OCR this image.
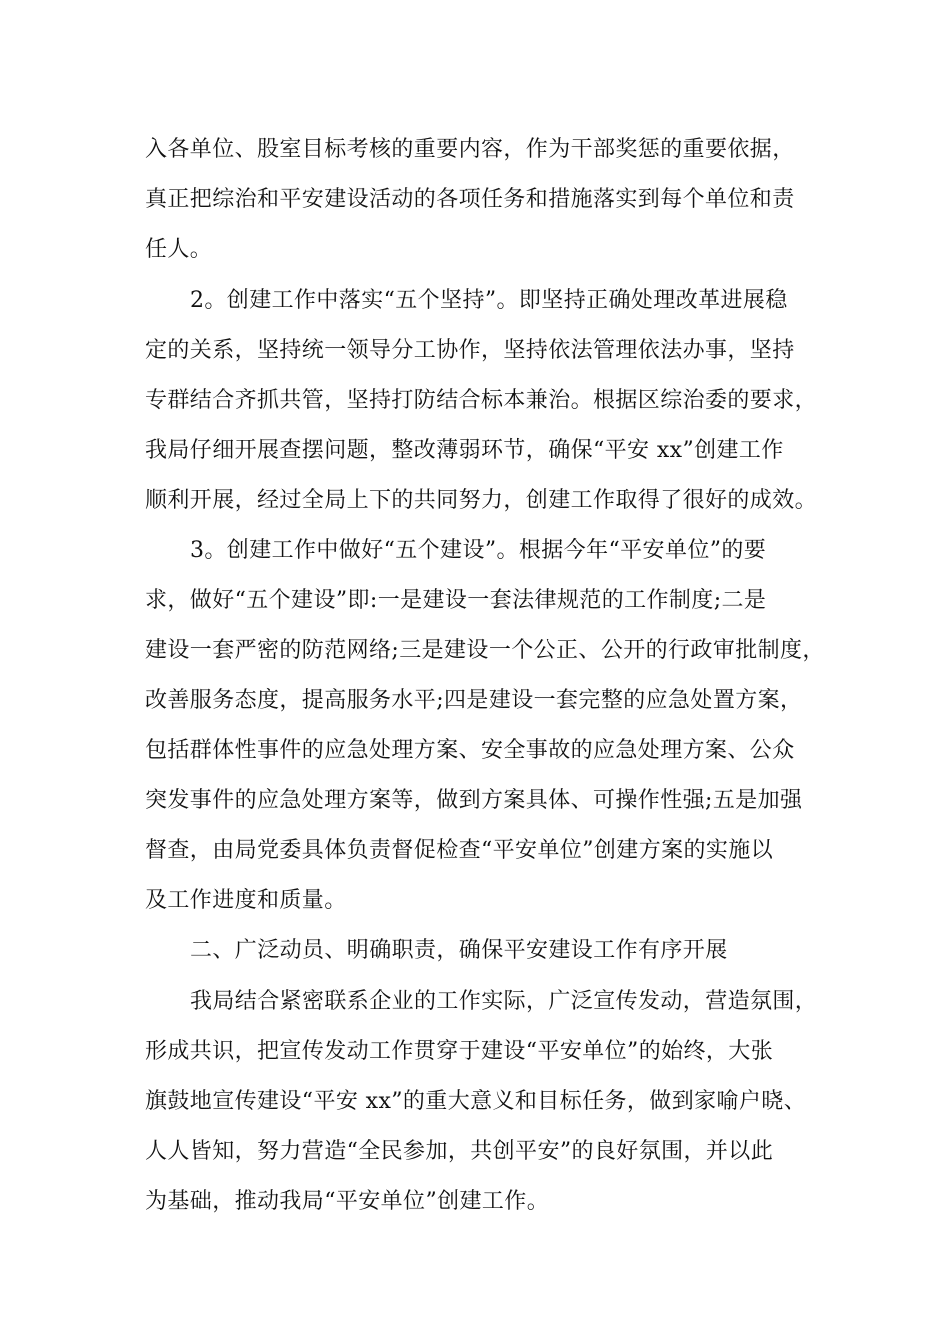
入各单位、股室目标考核的重要内容，作为干部奖惩的重要依据，
真正把综治和平安建设活动的各项任务和措施落实到每个单位和责
任人。
2。创建工作中落实“五个坚持”。即坚持正确处理改革进展稳
定的关系，坚持统一领导分工协作，坚持依法管理依法办事，坚持
专群结合齐抓共管，坚持打防结合标本兼治。根据区综治委的要求，
我局仔细开展查摆问题，整改薄弱环节，确保“平安 xx”创建工作
顺利开展，经过全局上下的共同努力，创建工作取得了很好的成效。
3。创建工作中做好“五个建设”。根据今年“平安单位”的要
求，做好“五个建设”即:一是建设一套法律规范的工作制度;二是
建设一套严密的防范网络;三是建设一个公正、公开的行政审批制度，
改善服务态度，提高服务水平;四是建设一套完整的应急处置方案，
包括群体性事件的应急处理方案、安全事故的应急处理方案、公众
突发事件的应急处理方案等，做到方案具体、可操作性强;五是加强
督查，由局党委具体负责督促检查“平安单位”创建方案的实施以
及工作进度和质量。
二、广泛动员、明确职责，确保平安建设工作有序开展
我局结合紧密联系企业的工作实际，广泛宣传发动，营造氛围，
形成共识，把宣传发动工作贯穿于建设“平安单位”的始终，大张
旗鼓地宣传建设“平安 xx”的重大意义和目标任务，做到家喻户晓、
人人皆知，努力营造“全民参加，共创平安”的良好氛围，并以此
为基础，推动我局“平安单位”创建工作。
